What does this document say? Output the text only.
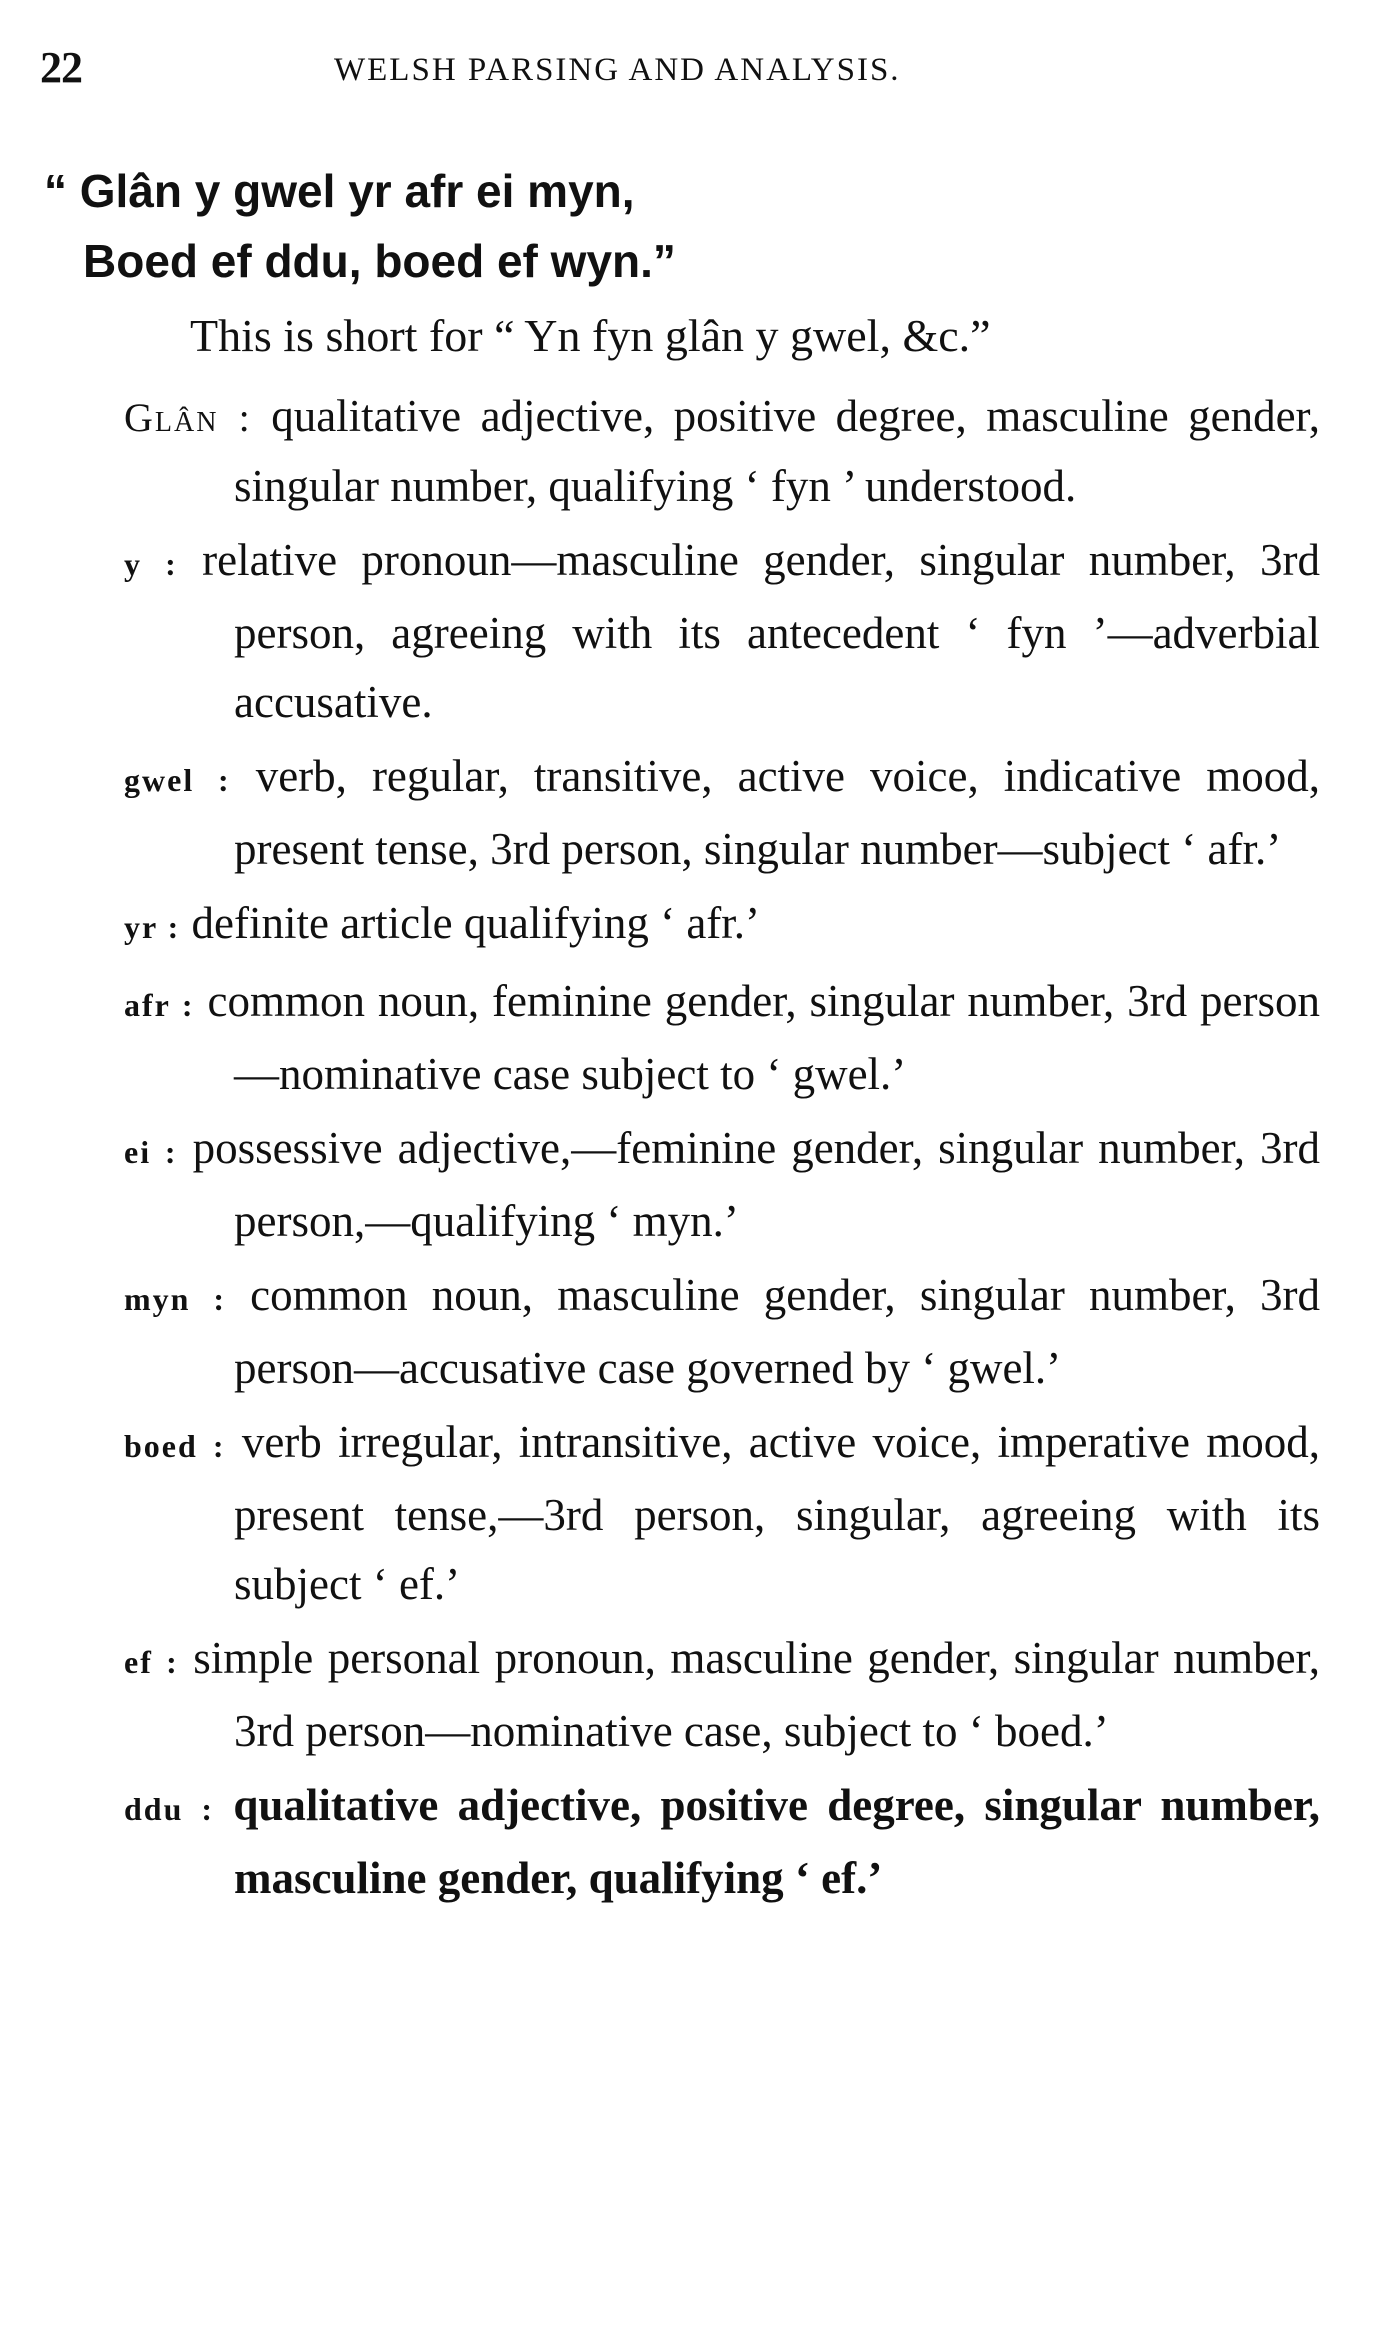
22	WELSH PARSING AND ANALYSIS.
“ Glân y gwel yr afr ei myn,
Boed ef ddu, boed ef wyn.”
This is short for “ Yn fyn glân y gwel, &c.”

Glân : qualitative adjective, positive degree, masculine gender, singular number, qualifying ‘ fyn ’ understood.

y : relative pronoun—masculine gender, singular number, 3rd person, agreeing with its antecedent ‘ fyn ’—adverbial accusative.

gwel : verb, regular, transitive, active voice, indicative mood, present tense, 3rd person, singular number—subject ‘ afr.’

yr : definite article qualifying ‘ afr.’

afr : common noun, feminine gender, singular number, 3rd person—nominative case subject to ‘ gwel.’

ei : possessive adjective,—feminine gender, singular number, 3rd person,—qualifying ‘ myn.’

myn : common noun, masculine gender, singular number, 3rd person—accusative case governed by ‘ gwel.’

boed : verb irregular, intransitive, active voice, imperative mood, present tense,—3rd person, singular, agreeing with its subject ‘ ef.’

ef : simple personal pronoun, masculine gender, singular number, 3rd person—nominative case, subject to ‘ boed.’

ddu : qualitative adjective, positive degree, singular number, masculine gender, qualifying ‘ ef.’
